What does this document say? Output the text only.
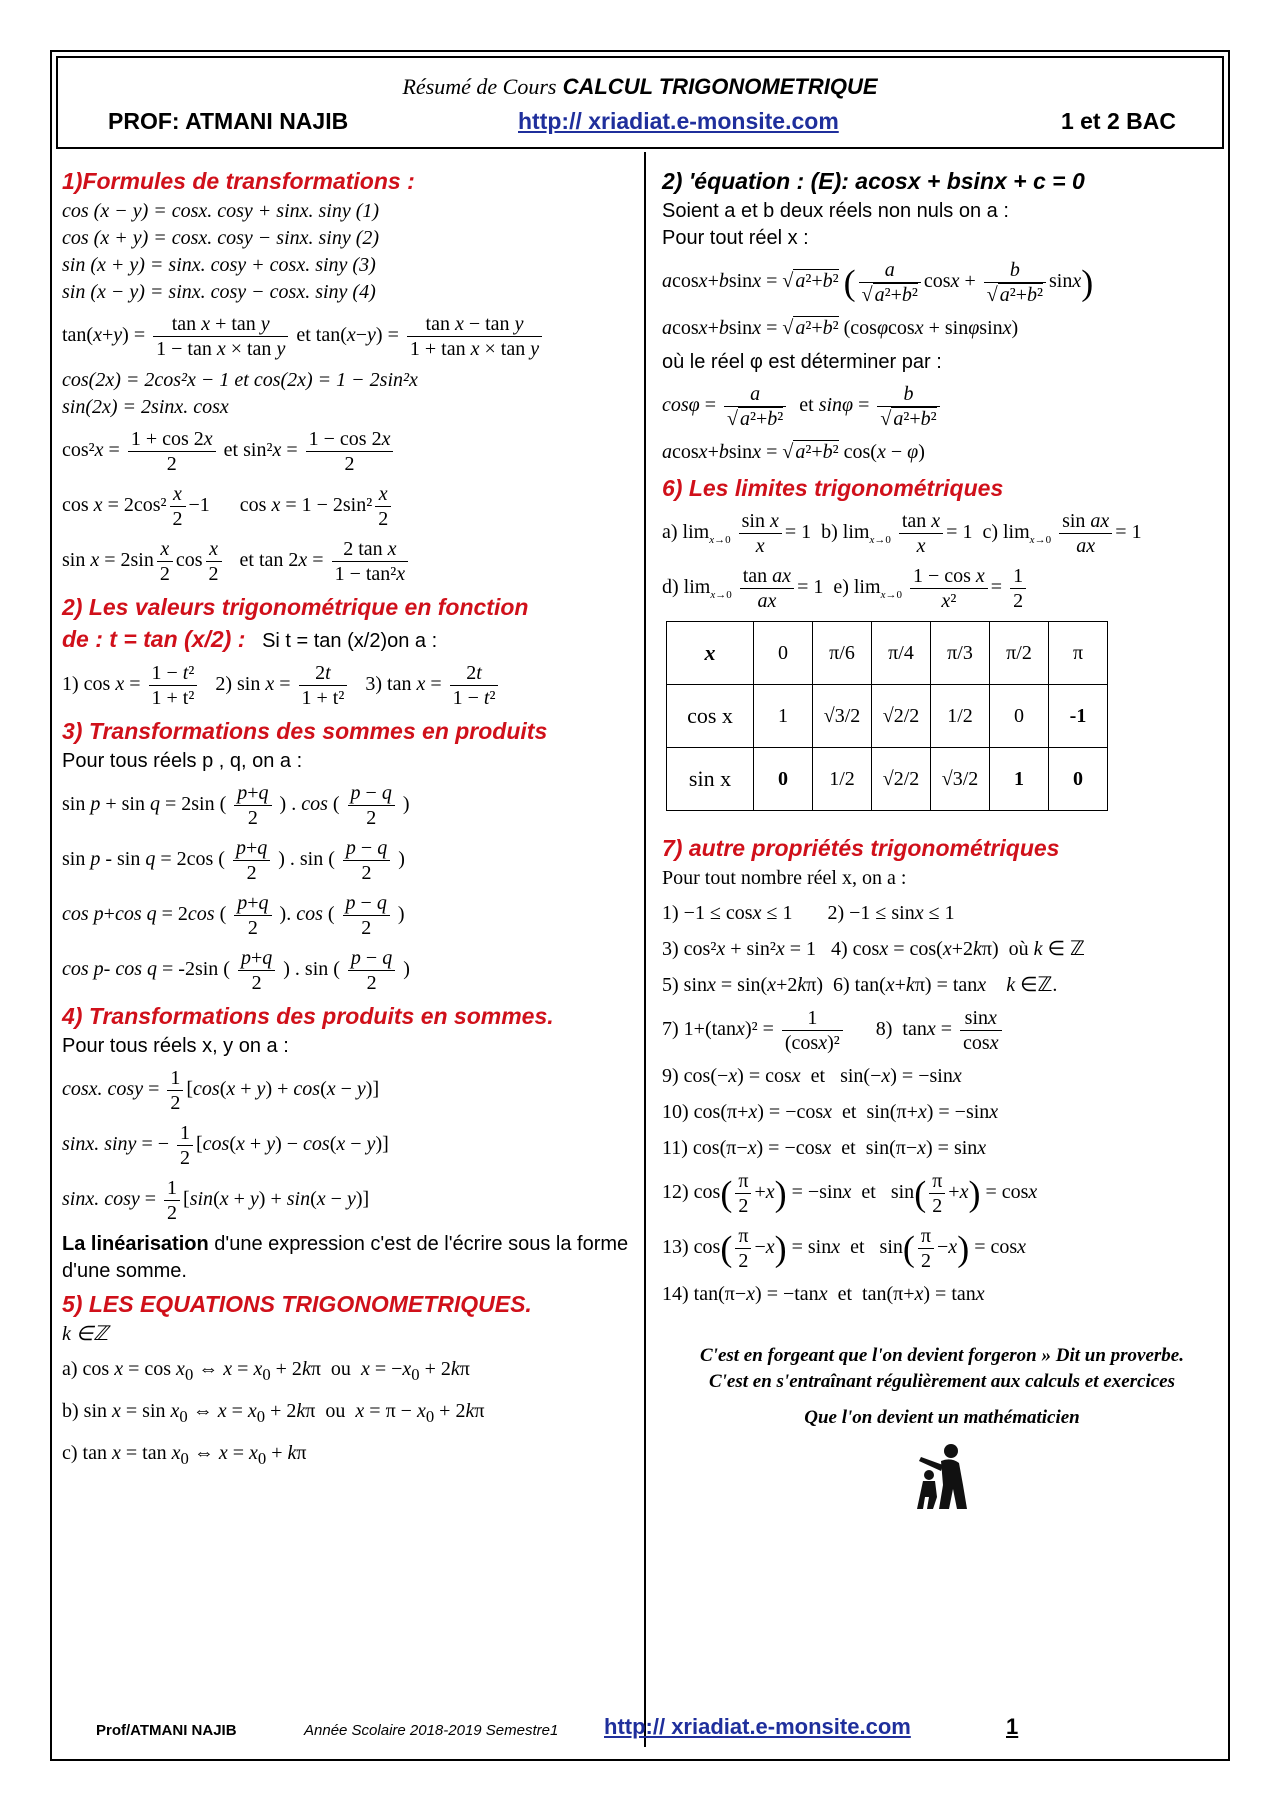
Résumé de Cours CALCUL TRIGONOMETRIQUE
PROF: ATMANI NAJIB	http:// xriadiat.e-monsite.com	1 et 2 BAC
1)Formules de transformations :
cos (x − y) = cosx. cosy + sinx. siny (1)
cos (x + y) = cosx. cosy − sinx. siny (2)
sin (x + y) = sinx. cosy + cosx. siny (3)
sin (x − y) = sinx. cosy − cosx. siny (4)
$\tan(x+y) = \frac{\text{tan x + tan y}}{\text{1 − tan x × tan y}}$ et $\tan(x-y) = \frac{\text{tan x − tan y}}{\text{1 + tan x × tan y}}$
cos(2x) = 2cos²x − 1 et cos(2x) = 1 − 2sin²x
sin(2x) = 2sinx. cosx
$\cos^2x = \frac{1 + \cos 2x}{2}$ et $\sin^2x = \frac{1 - \cos 2x}{2}$
$\cos x = 2\cos^2 \frac{x}{2} -1$      $\cos x = 1 - 2\sin^2 \frac{x}{2}$
$\sin x = 2\sin \frac{x}{2}$ $\cos \frac{x}{2}$ et $\tan 2x = \frac{\text{2 tan x}}{\text{1 − tan²x}}$
2) Les valeurs trigonométrique en fonction
de : t = tan (x/2) : Si t = tan (x/2)on a :
1) $\cos x = \frac{\text{1 − t²}}{\text{1 + t²}} 2$) $\sin x = \frac{2t}{\text{1 + t²}} 3$) $\tan x = \frac{2t}{\text{1 − t²}}$
3) Transformations des sommes en produits
Pour tous réels p , q, on a :
sin p + sin q = 2sin ( $\frac{p+q}{2}$ ) . cos ( $\frac{p - q}{2}$ )
sin p - sin q = 2cos ( $\frac{p+q}{2}$ ) . sin ( $\frac{p - q}{2}$ )
cos p+cos q = 2cos ( $\frac{p+q}{2}$ ). cos ( $\frac{p - q}{2}$ )
cos p- cos q = -2sin ( $\frac{p+q}{2}$ ) . sin ( $\frac{p - q}{2}$ )
4) Transformations des produits en sommes.
Pour tous réels x, y on a :
cosx. $\cos y = \frac{1}{2} [\cos(x + y) + \cos(x - y)]$
sinx. siny = − $\frac{1}{2} [\cos(x + y) - \cos(x - y)]$
sinx. $\cos y = \frac{1}{2} [\sin(x + y) + \sin(x - y)]$
La linéarisation d'une expression c'est de l'écrire sous la forme d'une somme.
5) LES EQUATIONS TRIGONOMETRIQUES.
k ∈ℤ
a) $\cos x = \cos x_0$ ⇔ $x = x_0 + 2k\pi$  ou  $x = -x_0 + 2k\pi$
b) $\sin x = \sin x_0$ ⇔ $x = x_0 + 2k\pi$  ou  $x = \pi - x_0 + 2k\pi$
c) $\tan x = \tan x_0$ ⇔ $x = x_0 + k\pi$
2) 'équation : (E): acosx + bsinx + c = 0
Soient a et b deux réels non nuls on a :
Pour tout réel x :
acosx+bsinx = √ a²+b² ( $\frac{a}{\text{√ a²+b²}}$ $\cos x + \frac{b}{\text{√ a²+b²}} \sin x$)
acosx+bsinx = √ a²+b² (cosφcosx + sinφsinx)
où le réel φ est déterminer par :
$\cos\varphi = \frac{a}{\text{√ a²+b²}}$ et $\sin\varphi = \frac{b}{\text{√ a²+b²}}$
acosx+bsinx = √ a²+b² cos(x − φ)
6) Les limites trigonométriques
a) $\lim_{x\to 0} \frac{\text{sin x}}{x} = 1$  b) $\lim_{x\to 0} \frac{\text{tan x}}{x} = 1$  c) $\lim_{x\to 0} \frac{\text{sin ax}}{ax} = 1$
d) $\lim_{x\to 0} \frac{\text{tan ax}}{ax} = 1$  e) $\lim_{x\to 0} \frac{\text{1 − cos x}}{\text{x²}} = \frac{1}{2}$
x	0	π/6	π/4	π/3	π/2	π
cos x	1	√3/2	√2/2	1/2	0	-1
sin x	0	1/2	√2/2	√3/2	1	0
7) autre propriétés trigonométriques
Pour tout nombre réel x, on a :
1) −1 ≤ cosx ≤ 1       2) −1 ≤ sinx ≤ 1
3) cos²x + sin²x = 1   4) cosx = cos(x+2kπ)  où k ∈ ℤ
5) sinx = sin(x+2kπ)  6) tan(x+kπ) = tanx k ∈ℤ.
7) $1+(\tan x)^2 = \frac{1}{\text{(cosx)²}} 8$)  $\tan x = \frac{\sin x}{\cos x}$
9) cos(−x) = cosx  et   sin(−x) = −sinx
10) cos(π+x) = −cosx  et  sin(π+x) = −sinx
11) cos(π−x) = −cosx  et  sin(π−x) = sinx
12) $\cos( \frac{\pi}{2} +x) = -\sin x$  et   $\sin( \frac{\pi}{2} +x) = \cos x$
13) $\cos( \frac{\pi}{2} -x) = \sin x$  et   $\sin( \frac{\pi}{2} -x) = \cos x$
14) tan(π−x) = −tanx  et  tan(π+x) = tanx
C'est en forgeant que l'on devient forgeron » Dit un proverbe.
C'est en s'entraînant régulièrement aux calculs et exercices
Que l'on devient un mathématicien
Prof/ATMANI NAJIB	Année Scolaire 2018-2019 Semestre1 http:// xriadiat.e-monsite.com	1
